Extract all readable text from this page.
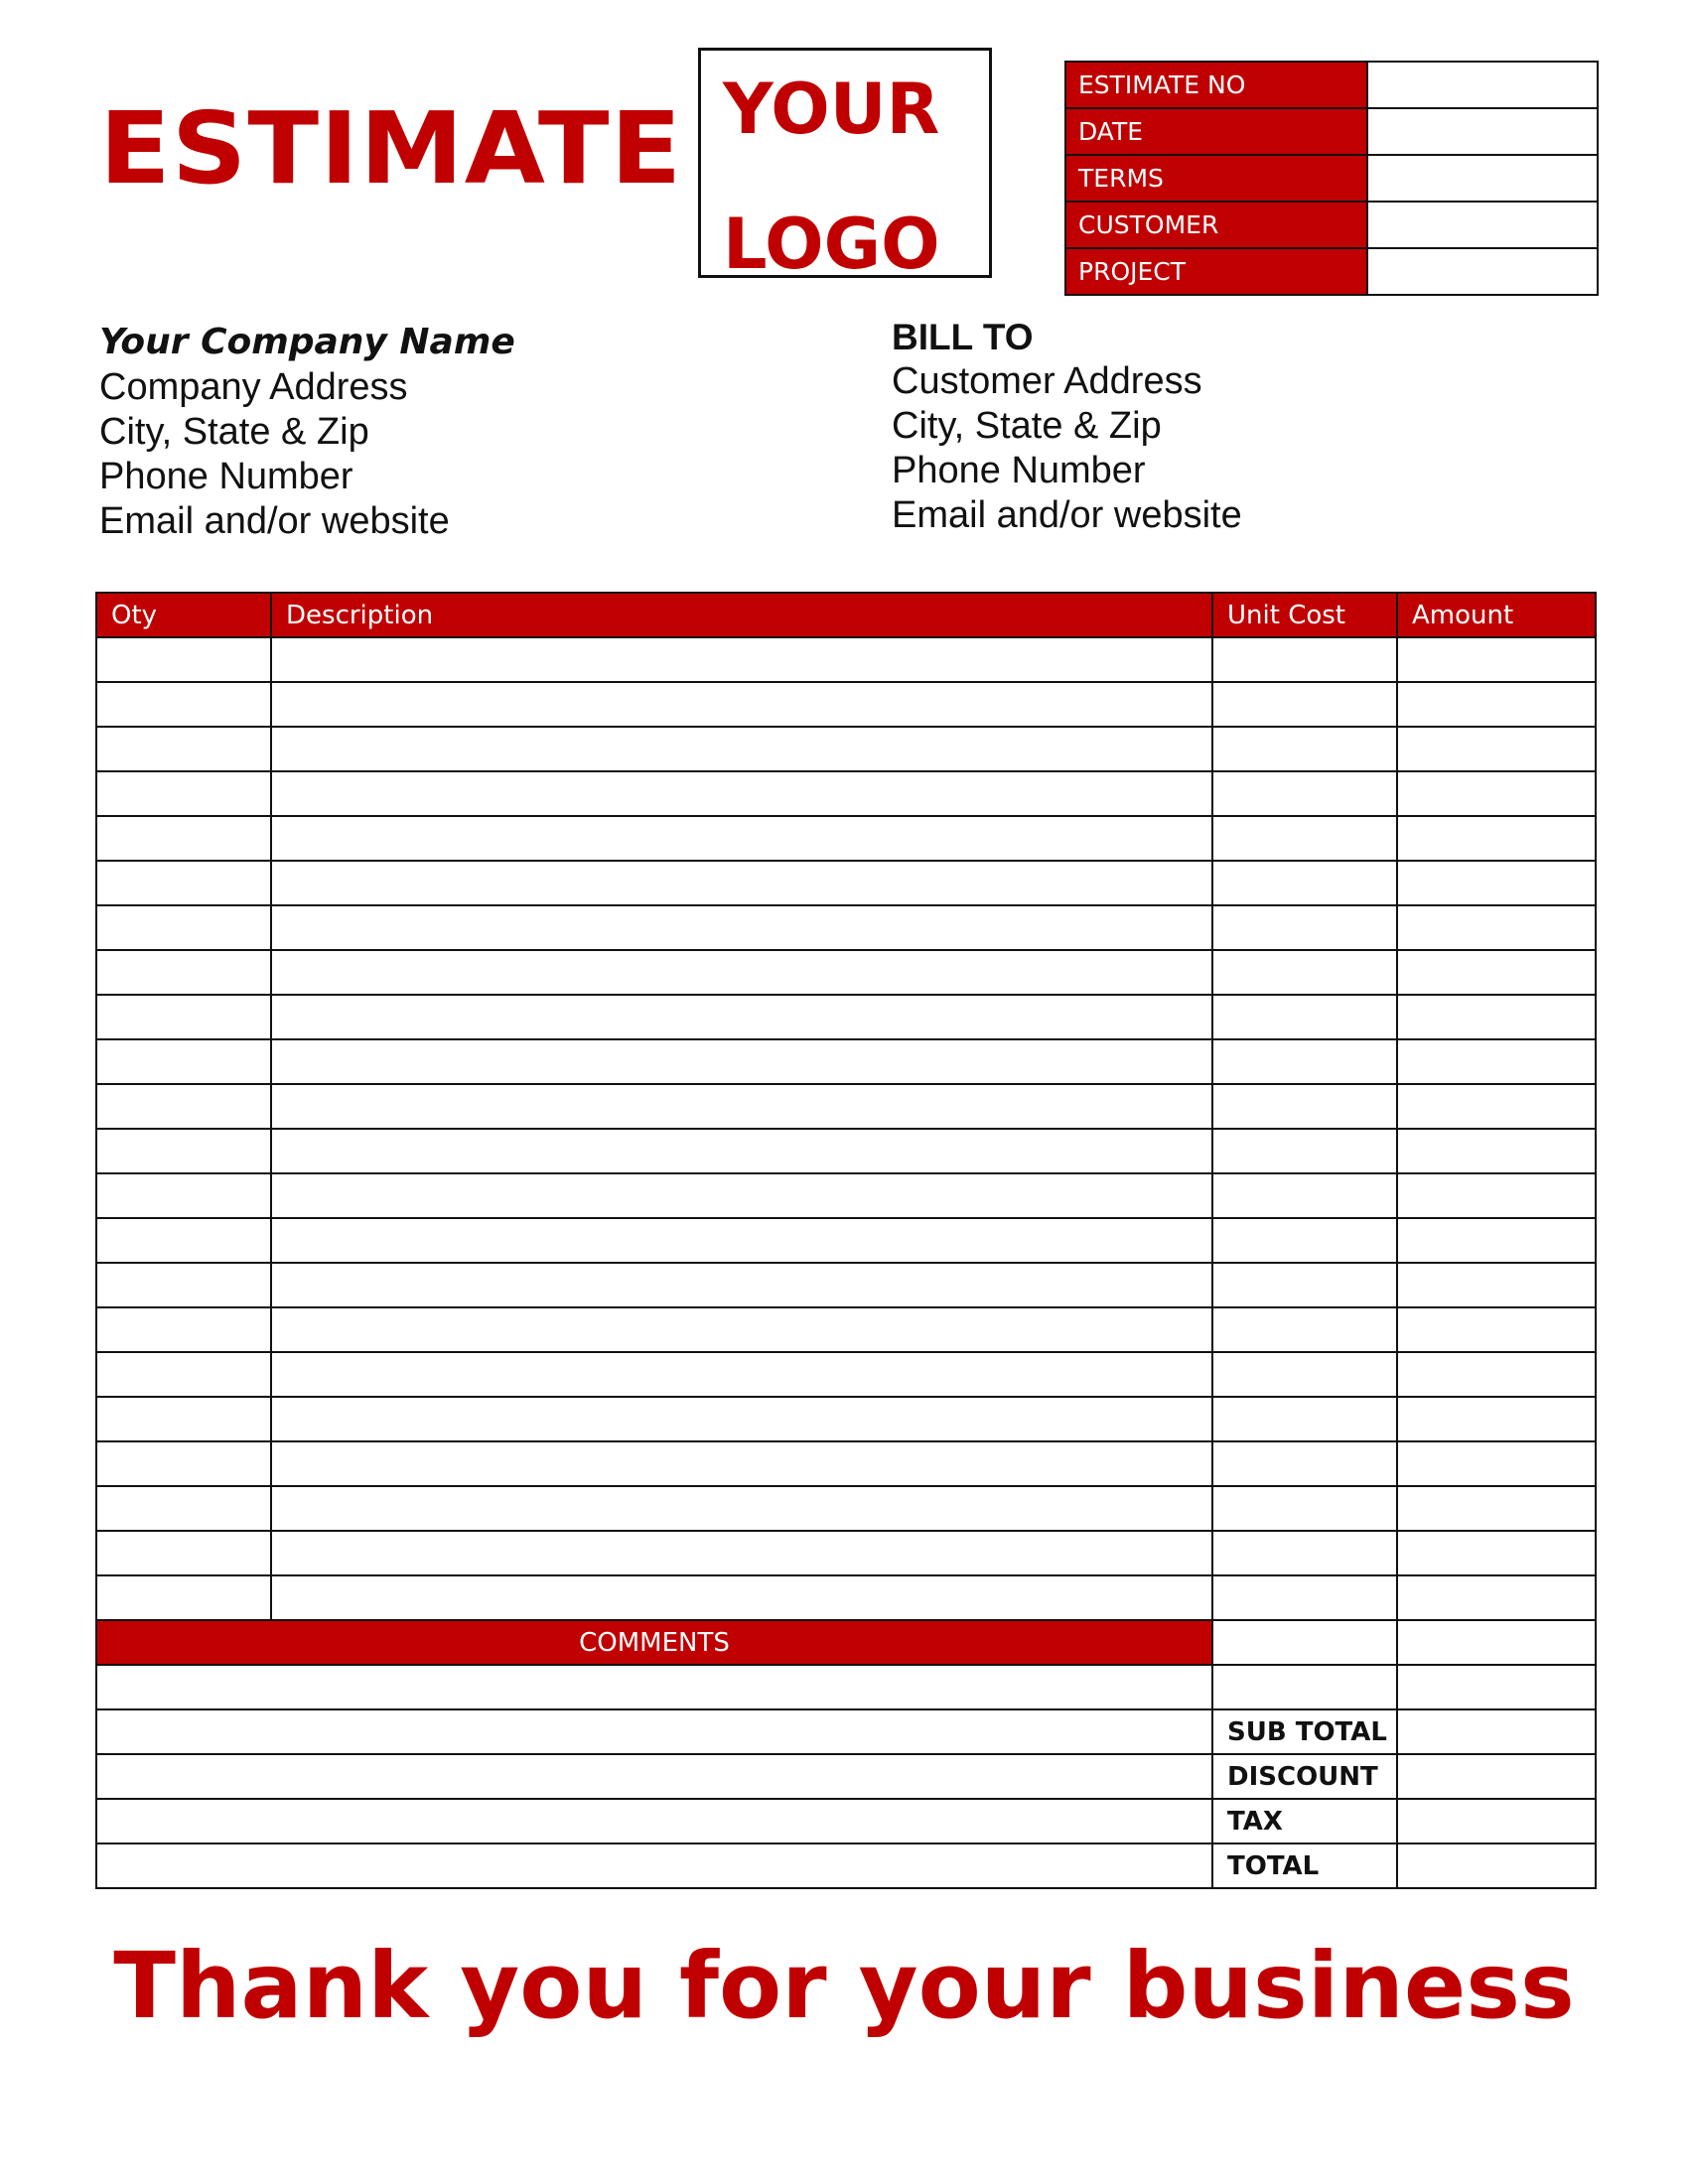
ESTIMATE YOUR
LOGO
ESTIMATE NO	
DATE	
TERMS	
CUSTOMER	
PROJECT	
Your Company Name
Company Address
City, State & Zip
Phone Number
Email and/or website
BILL TO
Customer Address
City, State & Zip
Phone Number
Email and/or website
Oty	Description	Unit Cost	Amount

COMMENTS			

		SUB TOTAL	
		DISCOUNT	
		TAX	
		TOTAL	
Thank you for your business
